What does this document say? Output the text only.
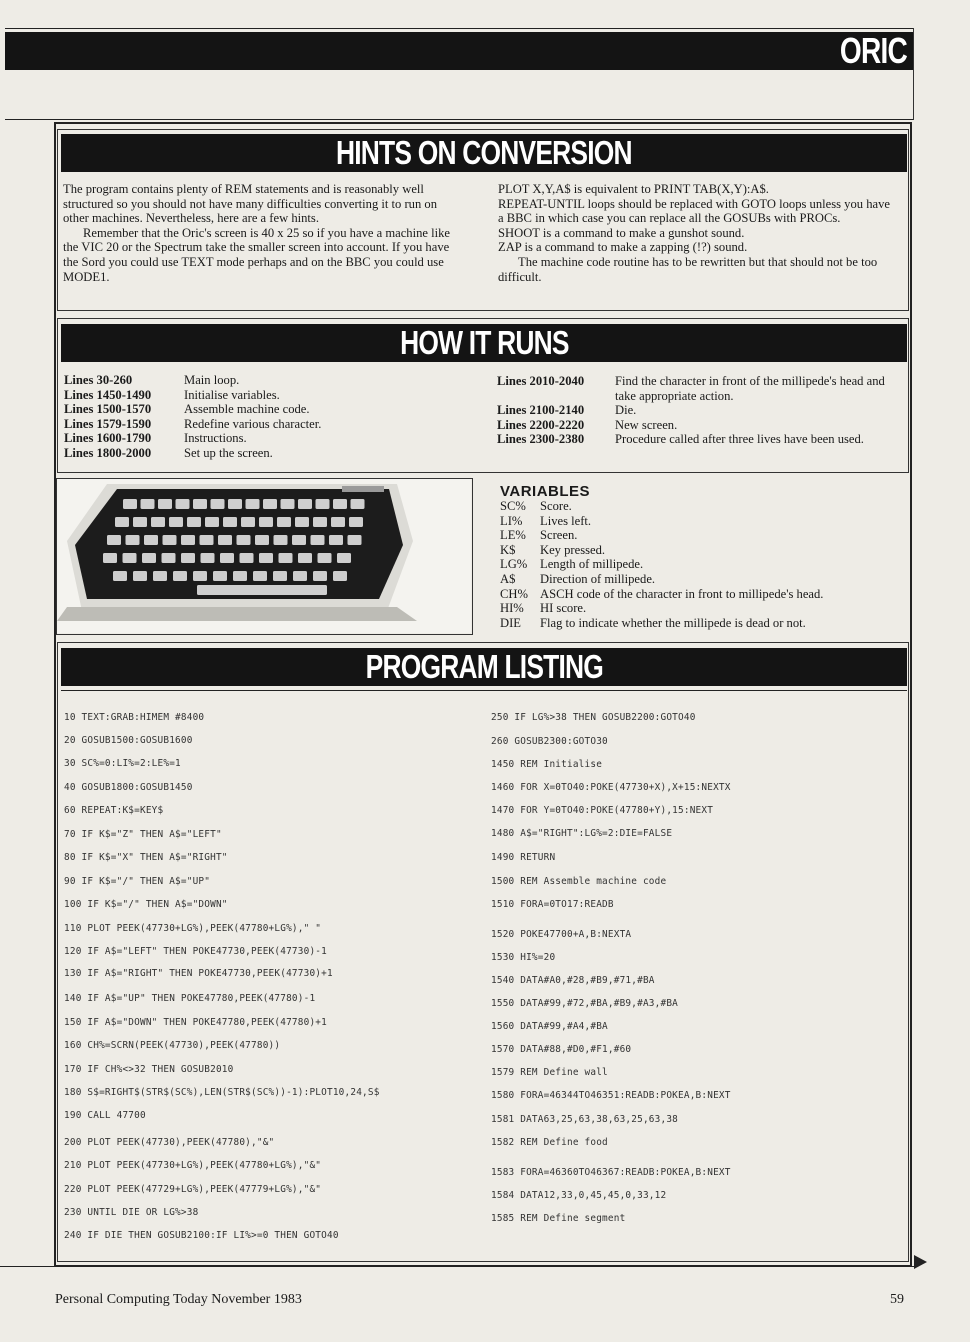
ORIC
HINTS ON CONVERSION

The program contains plenty of REM statements and is reasonably well structured so you should not have many difficulties converting it to run on other machines. Nevertheless, here are a few hints.

Remember that the Oric's screen is 40 x 25 so if you have a machine like the VIC 20 or the Spectrum take the smaller screen into account. If you have the Sord you could use TEXT mode perhaps and on the BBC you could use MODE1.

PLOT X,Y,A$ is equivalent to PRINT TAB(X,Y):A$.

REPEAT-UNTIL loops should be replaced with GOTO loops unless you have a BBC in which case you can replace all the GOSUBs with PROCs.

SHOOT is a command to make a gunshot sound.

ZAP is a command to make a zapping (!?) sound.

The machine code routine has to be rewritten but that should not be too difficult.

HOW IT RUNS
Lines 30-260	Main loop.
Lines 1450-1490	Initialise variables.
Lines 1500-1570	Assemble machine code.
Lines 1579-1590	Redefine various character.
Lines 1600-1790	Instructions.
Lines 1800-2000	Set up the screen.
Lines 2010-2040	Find the character in front of the millipede's head and take appropriate action.
Lines 2100-2140	Die.
Lines 2200-2220	New screen.
Lines 2300-2380	Procedure called after three lives have been used.
VARIABLES
SC%	Score.
LI%	Lives left.
LE%	Screen.
K$	Key pressed.
LG%	Length of millipede.
A$	Direction of millipede.
CH%	ASCH code of the character in front to millipede's head.
HI%	HI score.
DIE	Flag to indicate whether the millipede is dead or not.
PROGRAM LISTING
10 TEXT:GRAB:HIMEM #8400
20 GOSUB1500:GOSUB1600
30 SC%=0:LI%=2:LE%=1
40 GOSUB1800:GOSUB1450
60 REPEAT:K$=KEY$
70 IF K$="Z" THEN A$="LEFT"
80 IF K$="X" THEN A$="RIGHT"
90 IF K$="/" THEN A$="UP"
100 IF K$="/" THEN A$="DOWN"
110 PLOT PEEK(47730+LG%),PEEK(47780+LG%)," "
120 IF A$="LEFT" THEN POKE47730,PEEK(47730)-1
130 IF A$="RIGHT" THEN POKE47730,PEEK(47730)+1
140 IF A$="UP" THEN POKE47780,PEEK(47780)-1
150 IF A$="DOWN" THEN POKE47780,PEEK(47780)+1
160 CH%=SCRN(PEEK(47730),PEEK(47780))
170 IF CH%<>32 THEN GOSUB2010
180 S$=RIGHT$(STR$(SC%),LEN(STR$(SC%))-1):PLOT10,24,S$
190 CALL 47700
200 PLOT PEEK(47730),PEEK(47780),"&"
210 PLOT PEEK(47730+LG%),PEEK(47780+LG%),"&"
220 PLOT PEEK(47729+LG%),PEEK(47779+LG%),"&"
230 UNTIL DIE OR LG%>38
240 IF DIE THEN GOSUB2100:IF LI%>=0 THEN GOTO40
250 IF LG%>38 THEN GOSUB2200:GOTO40
260 GOSUB2300:GOTO30
1450 REM Initialise
1460 FOR X=0TO40:POKE(47730+X),X+15:NEXTX
1470 FOR Y=0TO40:POKE(47780+Y),15:NEXT
1480 A$="RIGHT":LG%=2:DIE=FALSE
1490 RETURN
1500 REM Assemble machine code
1510 FORA=0TO17:READB
1520 POKE47700+A,B:NEXTA
1530 HI%=20
1540 DATA#A0,#28,#B9,#71,#BA
1550 DATA#99,#72,#BA,#B9,#A3,#BA
1560 DATA#99,#A4,#BA
1570 DATA#88,#D0,#F1,#60
1579 REM Define wall
1580 FORA=46344TO46351:READB:POKEA,B:NEXT
1581 DATA63,25,63,38,63,25,63,38
1582 REM Define food
1583 FORA=46360TO46367:READB:POKEA,B:NEXT
1584 DATA12,33,0,45,45,0,33,12
1585 REM Define segment
Personal Computing Today November 1983	59
